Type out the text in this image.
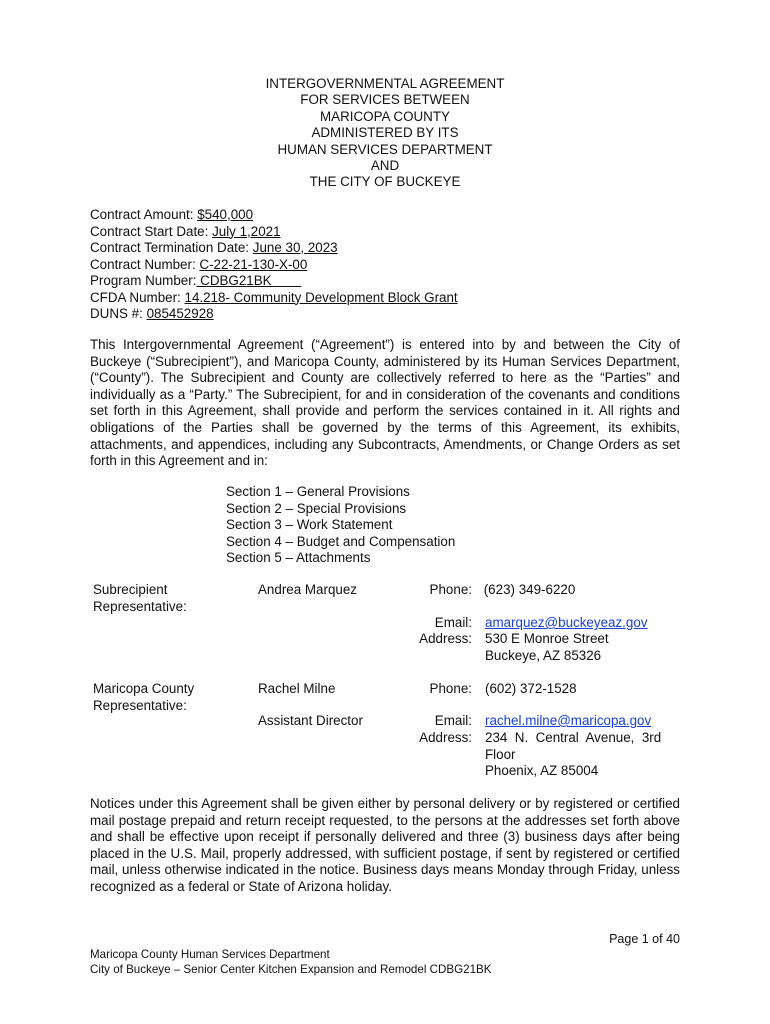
INTERGOVERNMENTAL AGREEMENT
FOR SERVICES BETWEEN
MARICOPA COUNTY
ADMINISTERED BY ITS
HUMAN SERVICES DEPARTMENT
AND
THE CITY OF BUCKEYE
Contract Amount: $540,000
Contract Start Date: July 1,2021
Contract Termination Date: June 30, 2023
Contract Number: C-22-21-130-X-00
Program Number: CDBG21BK
CFDA Number: 14.218- Community Development Block Grant
DUNS #: 085452928
This Intergovernmental Agreement (“Agreement”) is entered into by and between the City of Buckeye (“Subrecipient”), and Maricopa County, administered by its Human Services Department, (“County”). The Subrecipient and County are collectively referred to here as the “Parties” and individually as a “Party.” The Subrecipient, for and in consideration of the covenants and conditions set forth in this Agreement, shall provide and perform the services contained in it. All rights and obligations of the Parties shall be governed by the terms of this Agreement, its exhibits, attachments, and appendices, including any Subcontracts, Amendments, or Change Orders as set forth in this Agreement and in:
Section 1 – General Provisions
Section 2 – Special Provisions
Section 3 – Work Statement
Section 4 – Budget and Compensation
Section 5 – Attachments
Subrecipient
Representative:
Andrea Marquez	Phone: (623) 349-6220
Email: amarquez@buckeyeaz.gov
Address: 530 E Monroe Street
Buckeye, AZ 85326
Maricopa County
Representative:
Rachel Milne
Assistant Director
Phone: (602) 372-1528
Email: rachel.milne@maricopa.gov
Address: 234  N.  Central  Avenue,  3rd
Floor
Phoenix, AZ 85004
Notices under this Agreement shall be given either by personal delivery or by registered or certified mail postage prepaid and return receipt requested, to the persons at the addresses set forth above and shall be effective upon receipt if personally delivered and three (3) business days after being placed in the U.S. Mail, properly addressed, with sufficient postage, if sent by registered or certified mail, unless otherwise indicated in the notice. Business days means Monday through Friday, unless recognized as a federal or State of Arizona holiday.
Page 1 of 40
Maricopa County Human Services Department
City of Buckeye – Senior Center Kitchen Expansion and Remodel CDBG21BK
